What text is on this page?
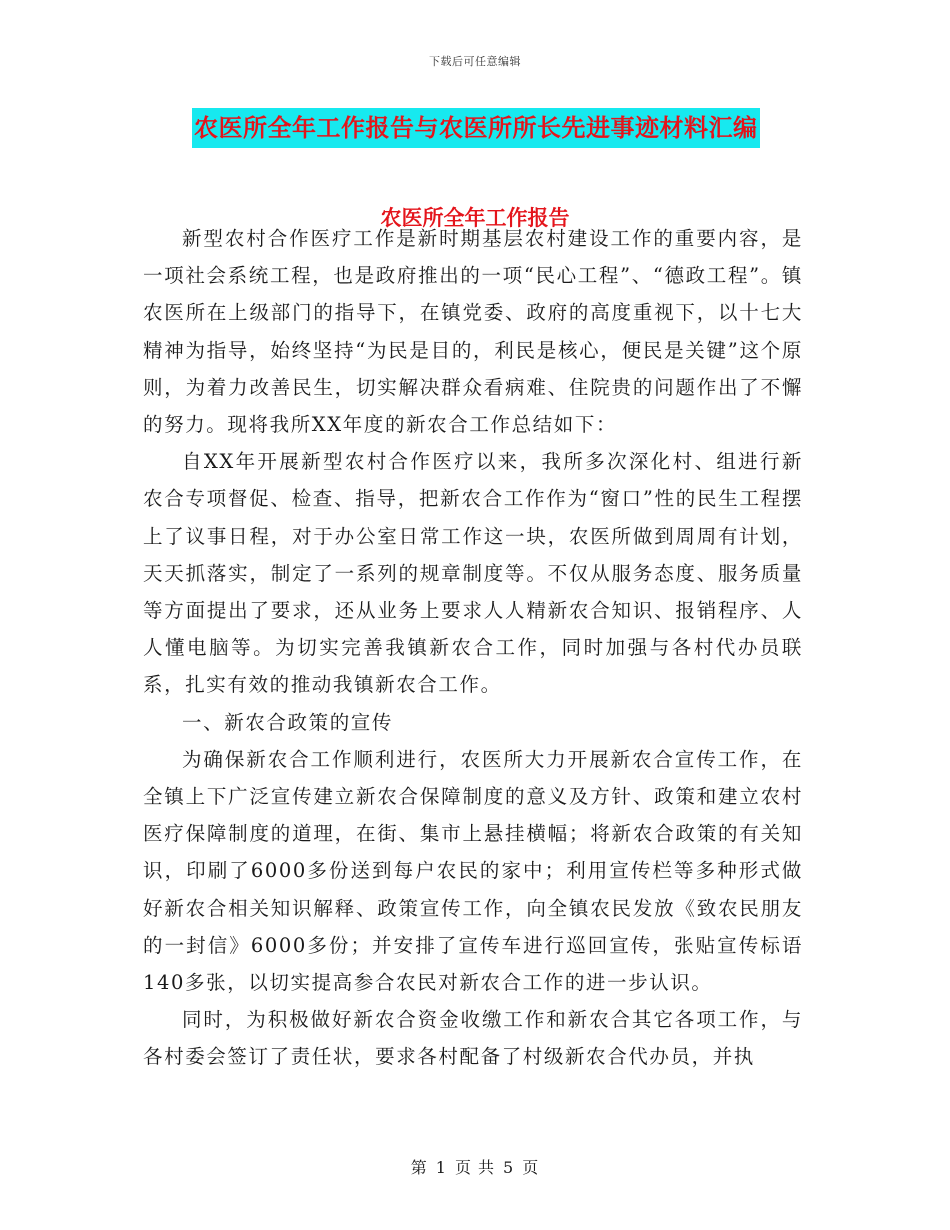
下载后可任意编辑
农医所全年工作报告与农医所所长先进事迹材料汇编
农医所全年工作报告

新型农村合作医疗工作是新时期基层农村建设工作的重要内容，是一项社会系统工程，也是政府推出的一项“民心工程”、“德政工程”。镇农医所在上级部门的指导下，在镇党委、政府的高度重视下，以十七大精神为指导，始终坚持“为民是目的，利民是核心，便民是关键”这个原则，为着力改善民生，切实解决群众看病难、住院贵的问题作出了不懈的努力。现将我所XX年度的新农合工作总结如下：

自XX年开展新型农村合作医疗以来，我所多次深化村、组进行新农合专项督促、检查、指导，把新农合工作作为“窗口”性的民生工程摆上了议事日程，对于办公室日常工作这一块，农医所做到周周有计划，天天抓落实，制定了一系列的规章制度等。不仅从服务态度、服务质量等方面提出了要求，还从业务上要求人人精新农合知识、报销程序、人人懂电脑等。为切实完善我镇新农合工作，同时加强与各村代办员联系，扎实有效的推动我镇新农合工作。

一、新农合政策的宣传

为确保新农合工作顺利进行，农医所大力开展新农合宣传工作，在全镇上下广泛宣传建立新农合保障制度的意义及方针、政策和建立农村医疗保障制度的道理，在街、集市上悬挂横幅；将新农合政策的有关知识，印刷了6000多份送到每户农民的家中；利用宣传栏等多种形式做好新农合相关知识解释、政策宣传工作，向全镇农民发放《致农民朋友的一封信》6000多份；并安排了宣传车进行巡回宣传，张贴宣传标语140多张，以切实提高参合农民对新农合工作的进一步认识。

同时，为积极做好新农合资金收缴工作和新农合其它各项工作，与各村委会签订了责任状，要求各村配备了村级新农合代办员，并执

第 1 页 共 5 页
